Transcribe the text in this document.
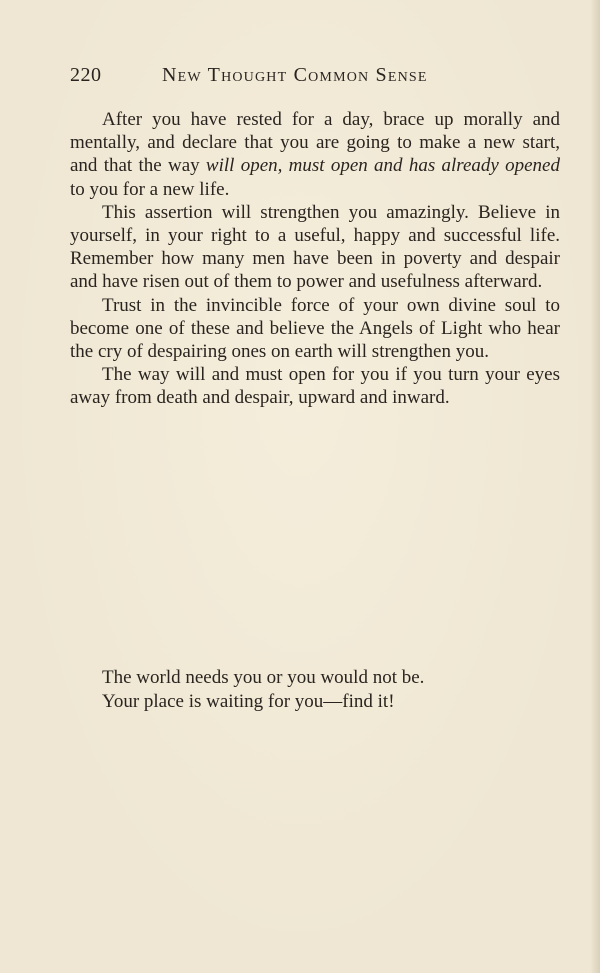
220	New Thought Common Sense

After you have rested for a day, brace up morally and mentally, and declare that you are going to make a new start, and that the way will open, must open and has already opened to you for a new life.

This assertion will strengthen you amazingly. Believe in yourself, in your right to a useful, happy and successful life. Remember how many men have been in poverty and despair and have risen out of them to power and usefulness afterward.

Trust in the invincible force of your own divine soul to become one of these and believe the Angels of Light who hear the cry of despairing ones on earth will strengthen you.

The way will and must open for you if you turn your eyes away from death and despair, upward and inward.

The world needs you or you would not be.
Your place is waiting for you—find it!
